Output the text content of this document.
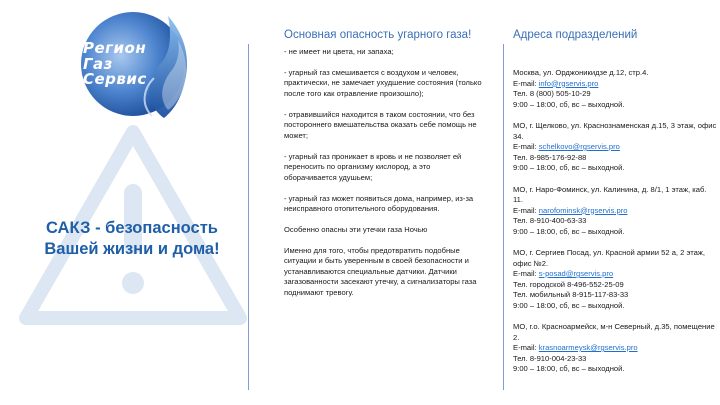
Регион
Газ
Сервис
САКЗ - безопасность
Вашей жизни и дома!
Основная опасность угарного газа!

- не имеет ни цвета, ни запаха;

- угарный газ смешивается с воздухом и человек, практически, не замечает ухудшение состояния (только после того как отравление произошло);

- отравившийся находится в таком состоянии, что без постороннего вмешательства оказать себе помощь не может;

- угарный газ проникает в кровь и не позволяет ей переносить по организму кислород, а это оборачивается удушьем;

- угарный газ может появиться дома, например, из-за неисправного отопительного оборудования.

Особенно опасны эти утечки газа Ночью

Именно для того, чтобы предотвратить подобные ситуации и быть уверенным в своей безопасности и устанавливаются специальные датчики. Датчики загазованности засекают утечку, а сигнализаторы газа поднимают тревогу.

Адреса подразделений
Москва, ул. Орджоникидзе д.12, стр.4.
E-mail: info@rgservis.pro
Тел. 8 (800) 505-10-29
9:00 – 18:00, сб, вс – выходной.
МО, г. Щелково, ул. Краснознаменская д.15, 3 этаж, офис 34.
E-mail: schelkovo@rgservis.pro
Тел. 8-985-176-92-88
9:00 – 18:00, сб, вс – выходной.
МО, г. Наро-Фоминск, ул. Калинина, д. 8/1, 1 этаж, каб. 11.
E-mail: narofominsk@rgservis.pro
Тел. 8-910-400-63-33
9:00 – 18:00, сб, вс – выходной.
МО, г. Сергиев Посад, ул. Красной армии 52 а, 2 этаж, офис №2.
E-mail: s-posad@rgservis.pro
Тел. городской 8-496-552-25-09
Тел. мобильный 8-915-117-83-33
9:00 – 18:00, сб, вс – выходной.
МО, г.о. Красноармейск, м-н Северный, д.35, помещение 2.
E-mail: krasnoarmeysk@rgservis.pro
Тел. 8-910-004-23-33
9:00 – 18:00, сб, вс – выходной.
